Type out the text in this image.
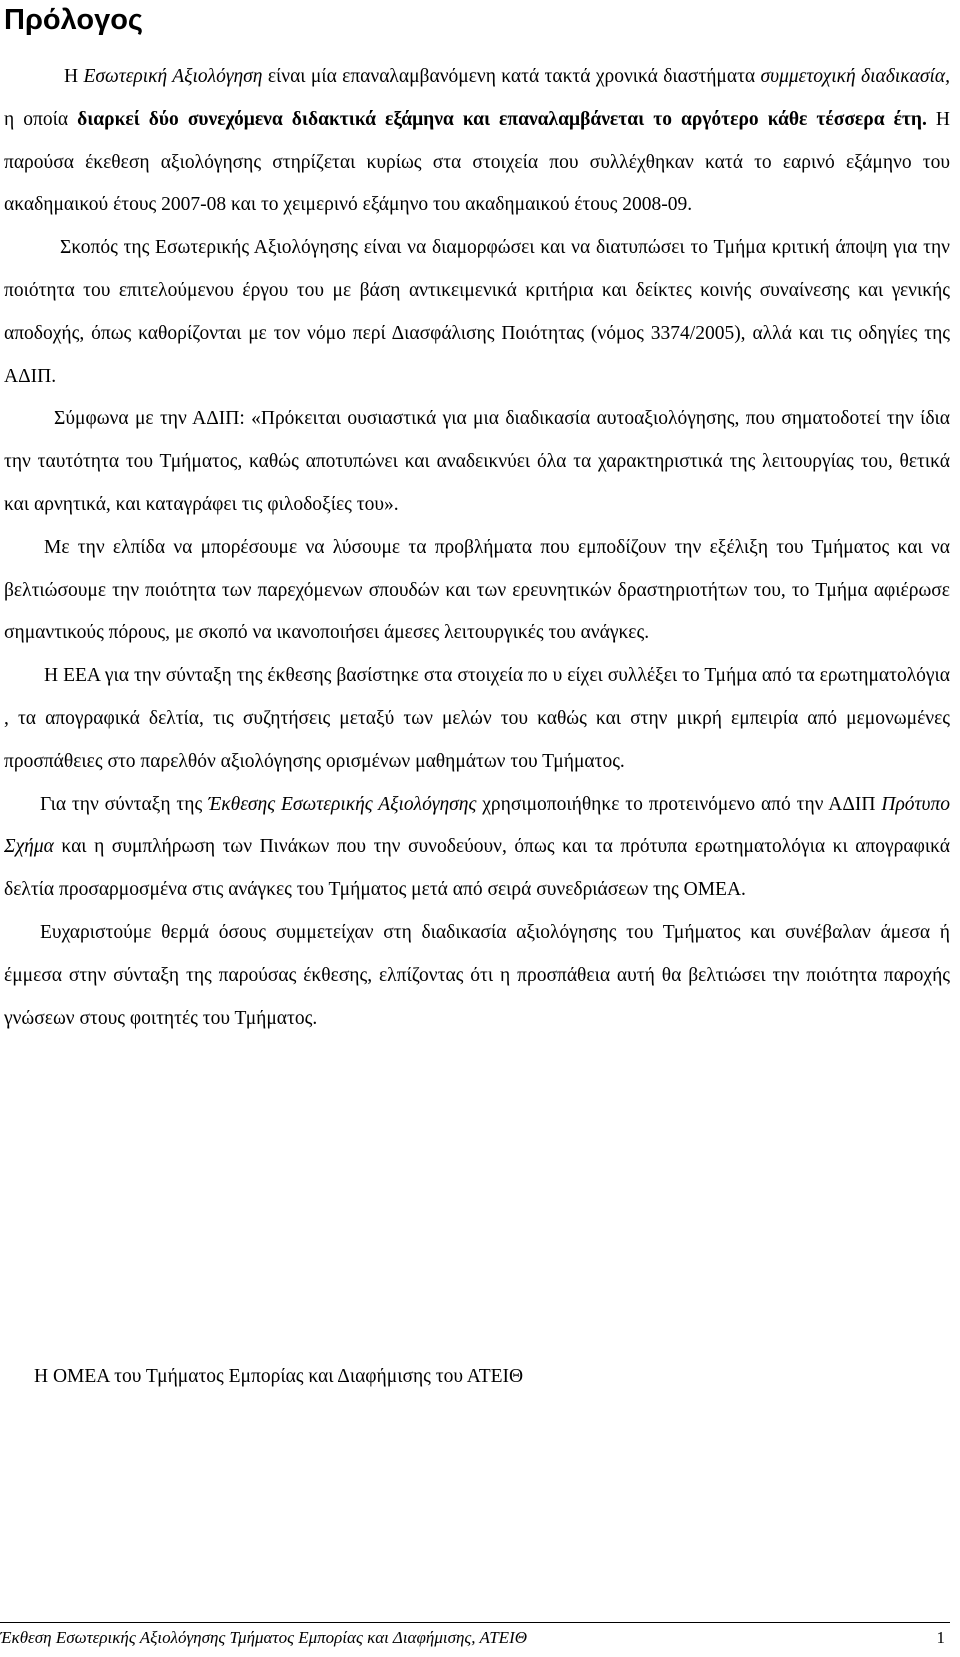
Πρόλογος

Η Εσωτερική Αξιολόγηση είναι μία επαναλαμβανόμενη κατά τακτά χρονικά διαστήματα συμμετοχική διαδικασία, η οποία διαρκεί δύο συνεχόμενα διδακτικά εξάμηνα και επαναλαμβάνεται το αργότερο κάθε τέσσερα έτη. Η παρούσα έκεθεση αξιολόγησης στηρίζεται κυρίως στα στοιχεία που συλλέχθηκαν κατά το εαρινό εξάμηνο του ακαδημαικού έτους 2007-08 και το χειμερινό εξάμηνο του ακαδημαικού έτους 2008-09.

Σκοπός της Εσωτερικής Αξιολόγησης είναι να διαμορφώσει και να διατυπώσει το Τμήμα κριτική άποψη για την ποιότητα του επιτελούμενου έργου του με βάση αντικειμενικά κριτήρια και δείκτες κοινής συναίνεσης και γενικής αποδοχής, όπως καθορίζονται με τον νόμο περί Διασφάλισης Ποιότητας (νόμος 3374/2005), αλλά και τις οδηγίες της ΑΔΙΠ.

Σύμφωνα με την ΑΔΙΠ: «Πρόκειται ουσιαστικά για μια διαδικασία αυτοαξιολόγησης, που σηματοδοτεί την ίδια την ταυτότητα του Τμήματος, καθώς αποτυπώνει και αναδεικνύει όλα τα χαρακτηριστικά της λειτουργίας του, θετικά και αρνητικά, και καταγράφει τις φιλοδοξίες του».

Με την ελπίδα να μπορέσουμε να λύσουμε τα προβλήματα που εμποδίζουν την εξέλιξη του Τμήματος και να βελτιώσουμε την ποιότητα των παρεχόμενων σπουδών και των ερευνητικών δραστηριοτήτων του, το Τμήμα αφιέρωσε σημαντικούς πόρους, με σκοπό να ικανοποιήσει άμεσες λειτουργικές του ανάγκες.

Η ΕΕΑ για την σύνταξη της έκθεσης βασίστηκε στα στοιχεία πο υ είχει συλλέξει το Τμήμα από τα ερωτηματολόγια , τα απογραφικά δελτία, τις συζητήσεις μεταξύ των μελών του καθώς και στην μικρή εμπειρία από μεμονωμένες προσπάθειες στο παρελθόν αξιολόγησης ορισμένων μαθημάτων του Τμήματος.

Για την σύνταξη της Έκθεσης Εσωτερικής Αξιολόγησης χρησιμοποιήθηκε το προτεινόμενο από την ΑΔΙΠ Πρότυπο Σχήμα και η συμπλήρωση των Πινάκων που την συνοδεύουν, όπως και τα πρότυπα ερωτηματολόγια κι απογραφικά δελτία προσαρμοσμένα στις ανάγκες του Τμήματος μετά από σειρά συνεδριάσεων της ΟΜΕΑ.

Ευχαριστούμε θερμά όσους συμμετείχαν στη διαδικασία αξιολόγησης του Τμήματος και συνέβαλαν άμεσα ή έμμεσα στην σύνταξη της παρούσας έκθεσης, ελπίζοντας ότι η προσπάθεια αυτή θα βελτιώσει την ποιότητα παροχής γνώσεων στους φοιτητές του Τμήματος.

Η ΟΜΕΑ του Τμήματος Εμπορίας και Διαφήμισης του ΑΤΕΙΘ

Έκθεση Εσωτερικής Αξιολόγησης Τμήματος Εμπορίας και Διαφήμισης, ΑΤΕΙΘ	1
